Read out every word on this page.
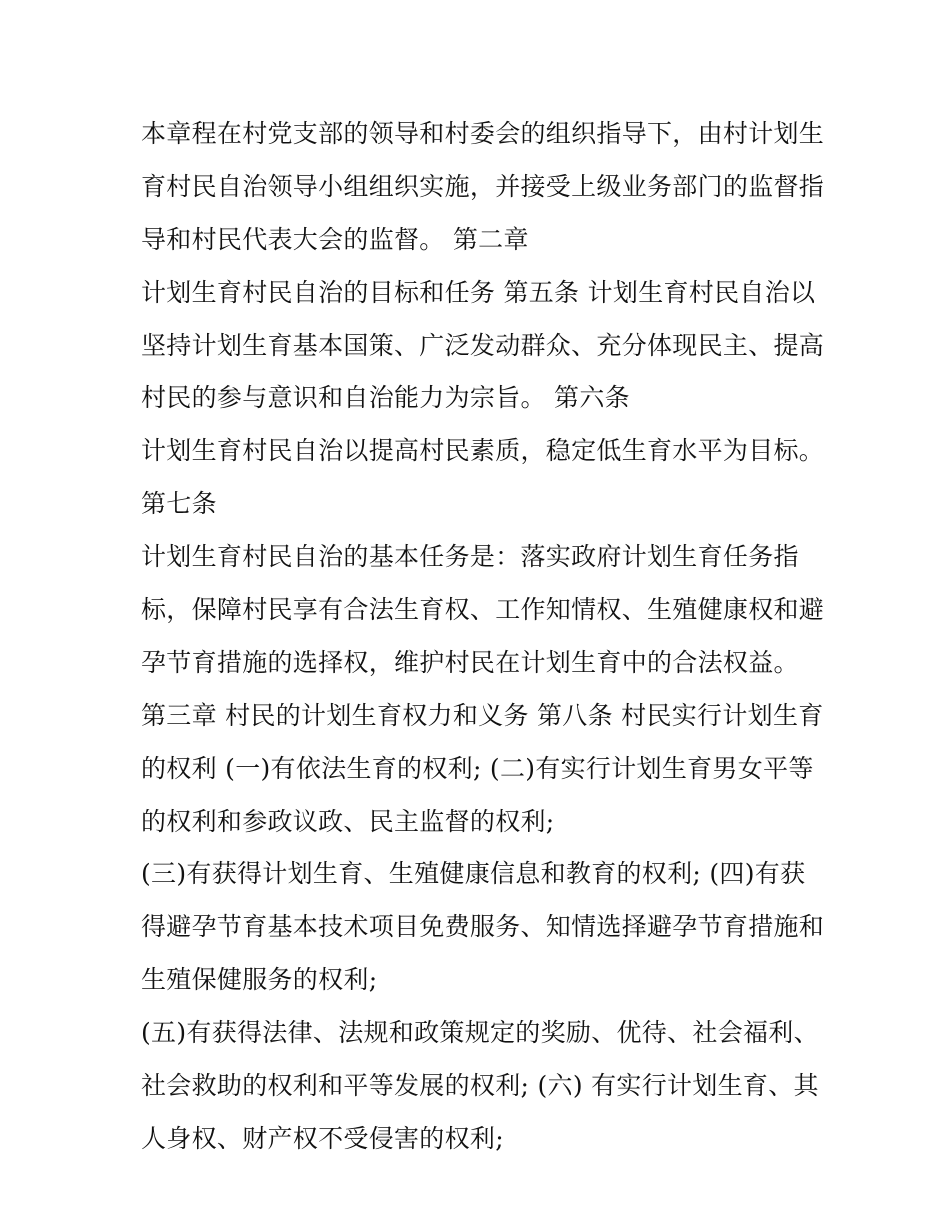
本章程在村党支部的领导和村委会的组织指导下，由村计划生
育村民自治领导小组组织实施，并接受上级业务部门的监督指
导和村民代表大会的监督。 第二章
计划生育村民自治的目标和任务 第五条 计划生育村民自治以
坚持计划生育基本国策、广泛发动群众、充分体现民主、提高
村民的参与意识和自治能力为宗旨。 第六条
计划生育村民自治以提高村民素质，稳定低生育水平为目标。
第七条
计划生育村民自治的基本任务是：落实政府计划生育任务指
标，保障村民享有合法生育权、工作知情权、生殖健康权和避
孕节育措施的选择权，维护村民在计划生育中的合法权益。
第三章 村民的计划生育权力和义务 第八条 村民实行计划生育
的权利 (一)有依法生育的权利; (二)有实行计划生育男女平等
的权利和参政议政、民主监督的权利;
(三)有获得计划生育、生殖健康信息和教育的权利; (四)有获
得避孕节育基本技术项目免费服务、知情选择避孕节育措施和
生殖保健服务的权利;
(五)有获得法律、法规和政策规定的奖励、优待、社会福利、
社会救助的权利和平等发展的权利; (六) 有实行计划生育、其
人身权、财产权不受侵害的权利;
